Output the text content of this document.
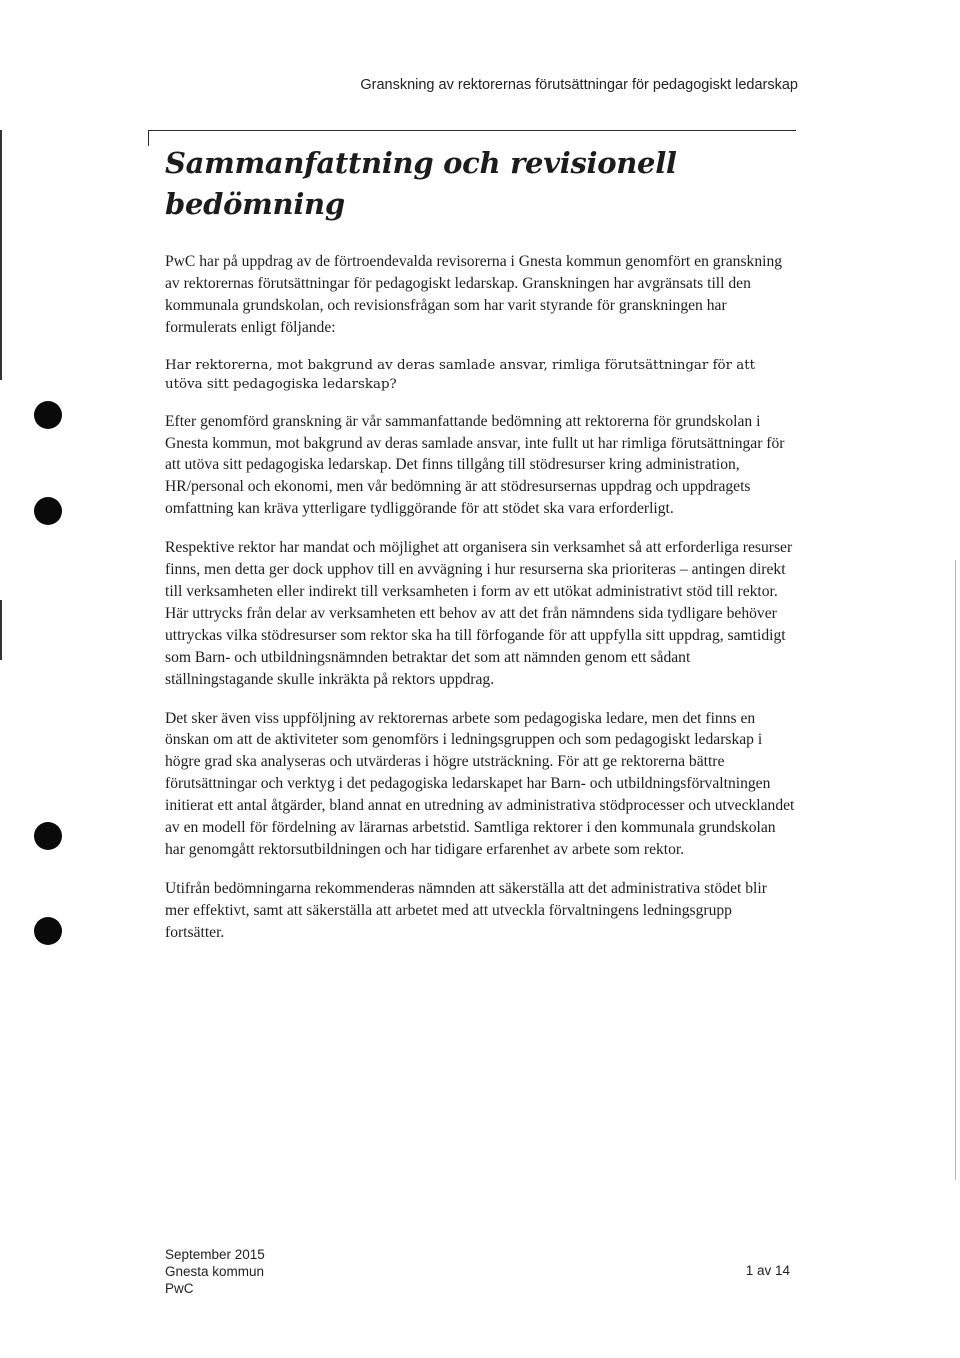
Granskning av rektorernas förutsättningar för pedagogiskt ledarskap
Sammanfattning och revisionell bedömning

PwC har på uppdrag av de förtroendevalda revisorerna i Gnesta kommun genomfört en granskning av rektorernas förutsättningar för pedagogiskt ledarskap. Granskningen har avgränsats till den kommunala grundskolan, och revisionsfrågan som har varit styrande för granskningen har formulerats enligt följande:

Har rektorerna, mot bakgrund av deras samlade ansvar, rimliga förutsättningar för att utöva sitt pedagogiska ledarskap?

Efter genomförd granskning är vår sammanfattande bedömning att rektorerna för grundskolan i Gnesta kommun, mot bakgrund av deras samlade ansvar, inte fullt ut har rimliga förutsättningar för att utöva sitt pedagogiska ledarskap. Det finns tillgång till stödresurser kring administration, HR/personal och ekonomi, men vår bedömning är att stödresursernas uppdrag och uppdragets omfattning kan kräva ytterligare tydliggörande för att stödet ska vara erforderligt.

Respektive rektor har mandat och möjlighet att organisera sin verksamhet så att erforderliga resurser finns, men detta ger dock upphov till en avvägning i hur resurserna ska prioriteras – antingen direkt till verksamheten eller indirekt till verksamheten i form av ett utökat administrativt stöd till rektor. Här uttrycks från delar av verksamheten ett behov av att det från nämndens sida tydligare behöver uttryckas vilka stödresurser som rektor ska ha till förfogande för att uppfylla sitt uppdrag, samtidigt som Barn- och utbildningsnämnden betraktar det som att nämnden genom ett sådant ställningstagande skulle inkräkta på rektors uppdrag.

Det sker även viss uppföljning av rektorernas arbete som pedagogiska ledare, men det finns en önskan om att de aktiviteter som genomförs i ledningsgruppen och som pedagogiskt ledarskap i högre grad ska analyseras och utvärderas i högre utsträckning. För att ge rektorerna bättre förutsättningar och verktyg i det pedagogiska ledarskapet har Barn- och utbildningsförvaltningen initierat ett antal åtgärder, bland annat en utredning av administrativa stödprocesser och utvecklandet av en modell för fördelning av lärarnas arbetstid. Samtliga rektorer i den kommunala grundskolan har genomgått rektorsutbildningen och har tidigare erfarenhet av arbete som rektor.

Utifrån bedömningarna rekommenderas nämnden att säkerställa att det administrativa stödet blir mer effektivt, samt att säkerställa att arbetet med att utveckla förvaltningens ledningsgrupp fortsätter.

September 2015
Gnesta kommun
PwC
1 av 14
